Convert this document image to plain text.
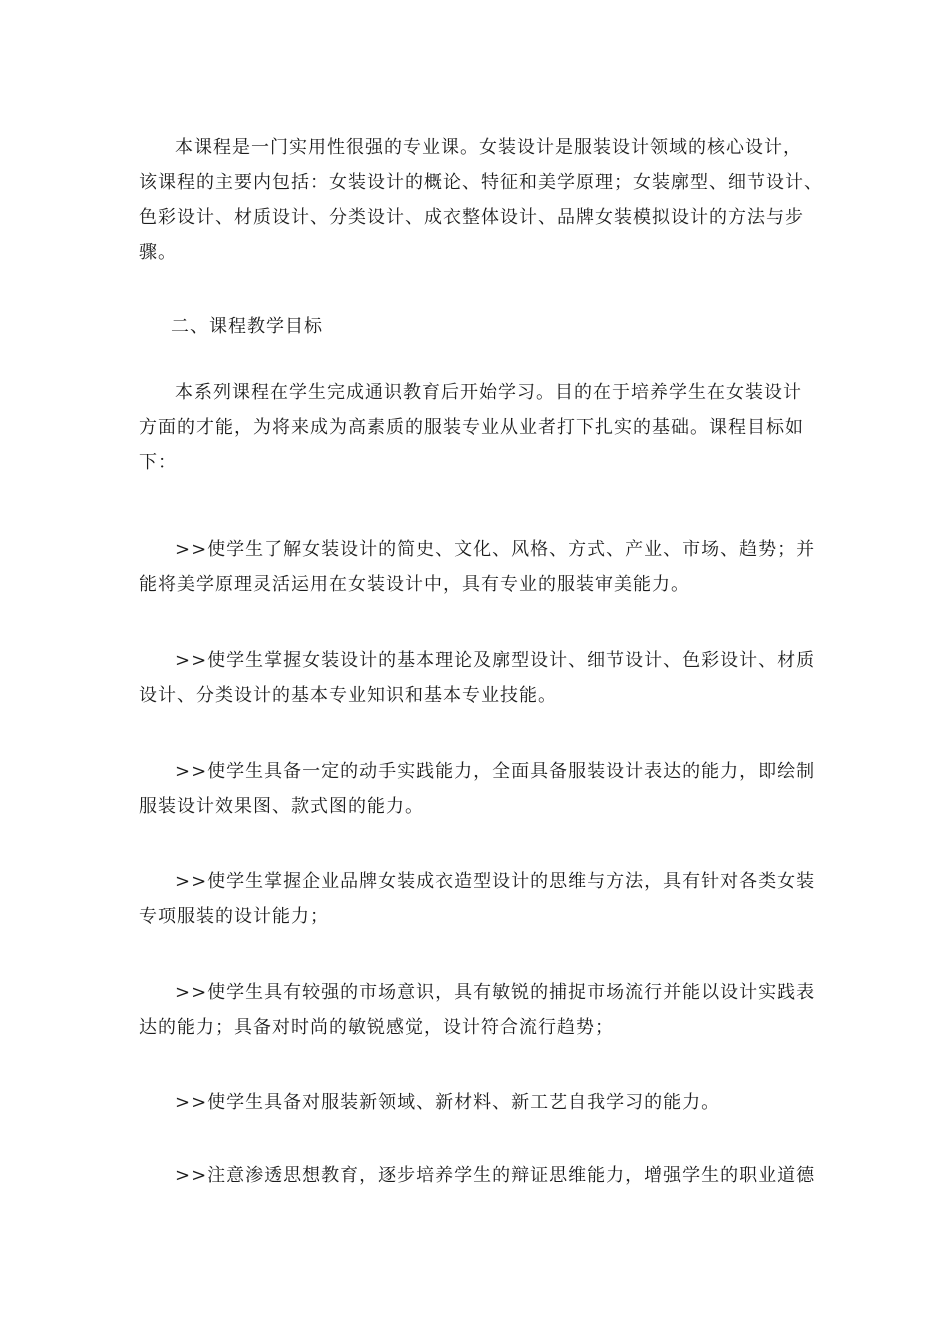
本课程是一门实用性很强的专业课。女装设计是服装设计领域的核心设计，
该课程的主要内包括：女装设计的概论、特征和美学原理；女装廓型、细节设计、
色彩设计、材质设计、分类设计、成衣整体设计、品牌女装模拟设计的方法与步
骤。
二、课程教学目标
本系列课程在学生完成通识教育后开始学习。目的在于培养学生在女装设计
方面的才能，为将来成为高素质的服装专业从业者打下扎实的基础。课程目标如
下：
>>使学生了解女装设计的简史、文化、风格、方式、产业、市场、趋势；并
能将美学原理灵活运用在女装设计中，具有专业的服装审美能力。
>>使学生掌握女装设计的基本理论及廓型设计、细节设计、色彩设计、材质
设计、分类设计的基本专业知识和基本专业技能。
>>使学生具备一定的动手实践能力，全面具备服装设计表达的能力，即绘制
服装设计效果图、款式图的能力。
>>使学生掌握企业品牌女装成衣造型设计的思维与方法，具有针对各类女装
专项服装的设计能力；
>>使学生具有较强的市场意识，具有敏锐的捕捉市场流行并能以设计实践表
达的能力；具备对时尚的敏锐感觉，设计符合流行趋势；
>>使学生具备对服装新领域、新材料、新工艺自我学习的能力。
>>注意渗透思想教育，逐步培养学生的辩证思维能力，增强学生的职业道德
